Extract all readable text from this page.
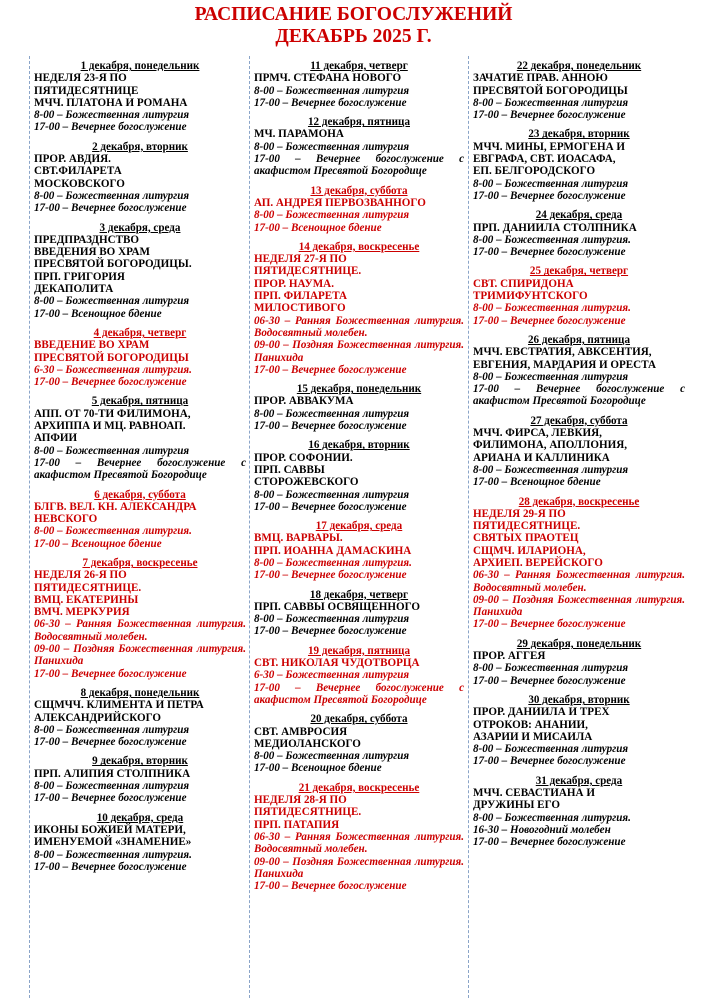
РАСПИСАНИЕ БОГОСЛУЖЕНИЙ
ДЕКАБРЬ 2025 Г.
1 декабря, понедельник
НЕДЕЛЯ 23-Я ПО
ПЯТИДЕСЯТНИЦЕ
МЧЧ. ПЛАТОНА И РОМАНА
8-00 – Божественная литургия
17-00 – Вечернее богослужение
2 декабря, вторник
ПРОР. АВДИЯ.
СВТ.ФИЛАРЕТА
МОСКОВСКОГО
8-00 – Божественная литургия
17-00 – Вечернее богослужение
3 декабря, среда
ПРЕДПРАЗДНСТВО
ВВЕДЕНИЯ ВО ХРАМ
ПРЕСВЯТОЙ БОГОРОДИЦЫ.
ПРП. ГРИГОРИЯ
ДЕКАПОЛИТА
8-00 – Божественная литургия
17-00 – Всенощное бдение
4 декабря, четверг
ВВЕДЕНИЕ ВО ХРАМ
ПРЕСВЯТОЙ БОГОРОДИЦЫ
6-30 – Божественная литургия.
17-00 – Вечернее богослужение
5 декабря, пятница
АПП. ОТ 70-ТИ ФИЛИМОНА,
АРХИППА И МЦ. РАВНОАП.
АПФИИ
8-00 – Божественная литургия
17-00 – Вечернее богослужение с акафистом Пресвятой Богородице
6 декабря, суббота
БЛГВ. ВЕЛ. КН. АЛЕКСАНДРА
НЕВСКОГО
8-00 – Божественная литургия.
17-00 – Всенощное бдение
7 декабря, воскресенье
НЕДЕЛЯ 26-Я ПО
ПЯТИДЕСЯТНИЦЕ.
ВМЦ. ЕКАТЕРИНЫ
ВМЧ. МЕРКУРИЯ
06-30 – Ранняя Божественная литургия. Водосвятный молебен.
09-00 – Поздняя Божественная литургия. Панихида
17-00 – Вечернее богослужение
8 декабря, понедельник
СЩМЧЧ. КЛИМЕНТА И ПЕТРА
АЛЕКСАНДРИЙСКОГО
8-00 – Божественная литургия
17-00 – Вечернее богослужение
9 декабря, вторник
ПРП. АЛИПИЯ СТОЛПНИКА
8-00 – Божественная литургия
17-00 – Вечернее богослужение
10 декабря, среда
ИКОНЫ БОЖИЕЙ МАТЕРИ,
ИМЕНУЕМОЙ «ЗНАМЕНИЕ»
8-00 – Божественная литургия.
17-00 – Вечернее богослужение
11 декабря, четверг
ПРМЧ. СТЕФАНА НОВОГО
8-00 – Божественная литургия
17-00 – Вечернее богослужение
12 декабря, пятница
МЧ. ПАРАМОНА
8-00 – Божественная литургия
17-00 – Вечернее богослужение с акафистом Пресвятой Богородице
13 декабря, суббота
АП. АНДРЕЯ ПЕРВОЗВАННОГО
8-00 – Божественная литургия
17-00 – Всенощное бдение
14 декабря, воскресенье
НЕДЕЛЯ 27-Я ПО
ПЯТИДЕСЯТНИЦЕ.
ПРОР. НАУМА.
ПРП. ФИЛАРЕТА
МИЛОСТИВОГО
06-30 – Ранняя Божественная литургия. Водосвятный молебен.
09-00 – Поздняя Божественная литургия. Панихида
17-00 – Вечернее богослужение
15 декабря, понедельник
ПРОР. АВВАКУМА
8-00 – Божественная литургия
17-00 – Вечернее богослужение
16 декабря, вторник
ПРОР. СОФОНИИ.
ПРП. САВВЫ
СТОРОЖЕВСКОГО
8-00 – Божественная литургия
17-00 – Вечернее богослужение
17 декабря, среда
ВМЦ. ВАРВАРЫ.
ПРП. ИОАННА ДАМАСКИНА
8-00 – Божественная литургия.
17-00 – Вечернее богослужение
18 декабря, четверг
ПРП. САВВЫ ОСВЯЩЕННОГО
8-00 – Божественная литургия
17-00 – Вечернее богослужение
19 декабря, пятница
СВТ. НИКОЛАЯ ЧУДОТВОРЦА
6-30 – Божественная литургия
17-00 – Вечернее богослужение с акафистом Пресвятой Богородице
20 декабря, суббота
СВТ. АМВРОСИЯ
МЕДИОЛАНСКОГО
8-00 – Божественная литургия
17-00 – Всенощное бдение
21 декабря, воскресенье
НЕДЕЛЯ 28-Я ПО
ПЯТИДЕСЯТНИЦЕ.
ПРП. ПАТАПИЯ
06-30 – Ранняя Божественная литургия. Водосвятный молебен.
09-00 – Поздняя Божественная литургия. Панихида
17-00 – Вечернее богослужение
22 декабря, понедельник
ЗАЧАТИЕ ПРАВ. АННОЮ
ПРЕСВЯТОЙ БОГОРОДИЦЫ
8-00 – Божественная литургия
17-00 – Вечернее богослужение
23 декабря, вторник
МЧЧ. МИНЫ, ЕРМОГЕНА И
ЕВГРАФА, СВТ. ИОАСАФА,
ЕП. БЕЛГОРОДСКОГО
8-00 – Божественная литургия
17-00 – Вечернее богослужение
24 декабря, среда
ПРП. ДАНИИЛА СТОЛПНИКА
8-00 – Божественная литургия.
17-00 – Вечернее богослужение
25 декабря, четверг
СВТ. СПИРИДОНА
ТРИМИФУНТСКОГО
8-00 – Божественная литургия.
17-00 – Вечернее богослужение
26 декабря, пятница
МЧЧ. ЕВСТРАТИЯ, АВКСЕНТИЯ,
ЕВГЕНИЯ, МАРДАРИЯ И ОРЕСТА
8-00 – Божественная литургия
17-00 – Вечернее богослужение с акафистом Пресвятой Богородице
27 декабря, суббота
МЧЧ. ФИРСА, ЛЕВКИЯ,
ФИЛИМОНА, АПОЛЛОНИЯ,
АРИАНА И КАЛЛИНИКА
8-00 – Божественная литургия
17-00 – Всенощное бдение
28 декабря, воскресенье
НЕДЕЛЯ 29-Я ПО
ПЯТИДЕСЯТНИЦЕ.
СВЯТЫХ ПРАОТЕЦ
СЩМЧ. ИЛАРИОНА,
АРХИЕП. ВЕРЕЙСКОГО
06-30 – Ранняя Божественная литургия. Водосвятный молебен.
09-00 – Поздняя Божественная литургия. Панихида
17-00 – Вечернее богослужение
29 декабря, понедельник
ПРОР. АГГЕЯ
8-00 – Божественная литургия
17-00 – Вечернее богослужение
30 декабря, вторник
ПРОР. ДАНИИЛА И ТРЕХ
ОТРОКОВ: АНАНИИ,
АЗАРИИ И МИСАИЛА
8-00 – Божественная литургия
17-00 – Вечернее богослужение
31 декабря, среда
МЧЧ. СЕВАСТИАНА И
ДРУЖИНЫ ЕГО
8-00 – Божественная литургия.
16-30 – Новогодний молебен
17-00 – Вечернее богослужение
